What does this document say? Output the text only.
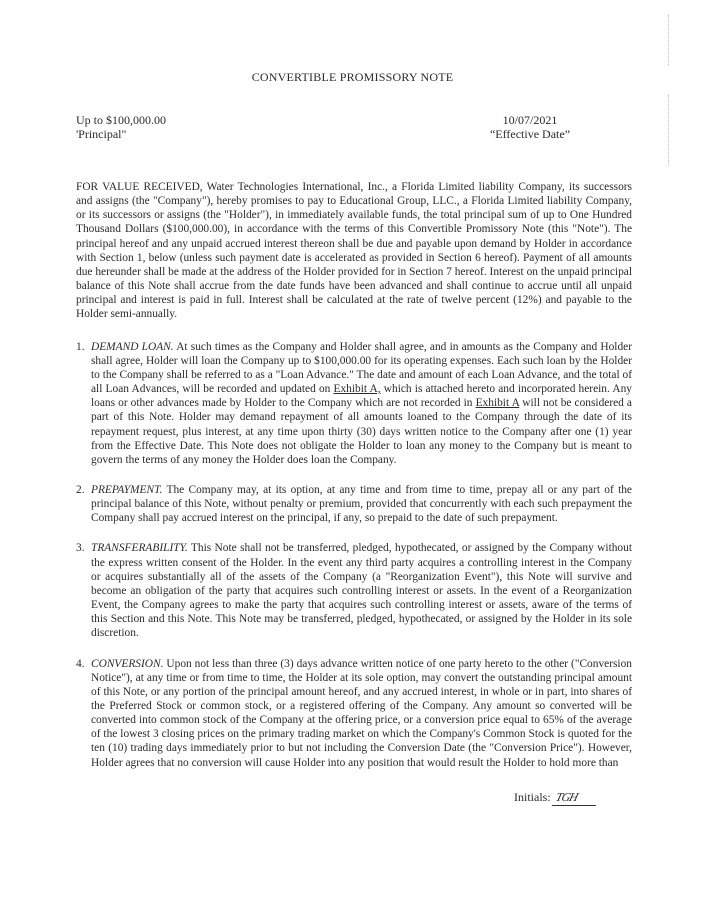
CONVERTIBLE PROMISSORY NOTE
Up to $100,000.00
'Principal"
10/07/2021
“Effective Date”
FOR VALUE RECEIVED, Water Technologies International, Inc., a Florida Limited liability Company, its successors and assigns (the "Company"), hereby promises to pay to Educational Group, LLC., a Florida Limited liability Company, or its successors or assigns (the "Holder"), in immediately available funds, the total principal sum of up to One Hundred Thousand Dollars ($100,000.00), in accordance with the terms of this Convertible Promissory Note (this "Note"). The principal hereof and any unpaid accrued interest thereon shall be due and payable upon demand by Holder in accordance with Section 1, below (unless such payment date is accelerated as provided in Section 6 hereof). Payment of all amounts due hereunder shall be made at the address of the Holder provided for in Section 7 hereof. Interest on the unpaid principal balance of this Note shall accrue from the date funds have been advanced and shall continue to accrue until all unpaid principal and interest is paid in full. Interest shall be calculated at the rate of twelve percent (12%) and payable to the Holder semi-annually.
1. DEMAND LOAN. At such times as the Company and Holder shall agree, and in amounts as the Company and Holder shall agree, Holder will loan the Company up to $100,000.00 for its operating expenses. Each such loan by the Holder to the Company shall be referred to as a "Loan Advance." The date and amount of each Loan Advance, and the total of all Loan Advances, will be recorded and updated on Exhibit A, which is attached hereto and incorporated herein. Any loans or other advances made by Holder to the Company which are not recorded in Exhibit A will not be considered a part of this Note. Holder may demand repayment of all amounts loaned to the Company through the date of its repayment request, plus interest, at any time upon thirty (30) days written notice to the Company after one (1) year from the Effective Date. This Note does not obligate the Holder to loan any money to the Company but is meant to govern the terms of any money the Holder does loan the Company.
2. PREPAYMENT. The Company may, at its option, at any time and from time to time, prepay all or any part of the principal balance of this Note, without penalty or premium, provided that concurrently with each such prepayment the Company shall pay accrued interest on the principal, if any, so prepaid to the date of such prepayment.
3. TRANSFERABILITY. This Note shall not be transferred, pledged, hypothecated, or assigned by the Company without the express written consent of the Holder. In the event any third party acquires a controlling interest in the Company or acquires substantially all of the assets of the Company (a "Reorganization Event"), this Note will survive and become an obligation of the party that acquires such controlling interest or assets. In the event of a Reorganization Event, the Company agrees to make the party that acquires such controlling interest or assets, aware of the terms of this Section and this Note. This Note may be transferred, pledged, hypothecated, or assigned by the Holder in its sole discretion.
4. CONVERSION. Upon not less than three (3) days advance written notice of one party hereto to the other ("Conversion Notice"), at any time or from time to time, the Holder at its sole option, may convert the outstanding principal amount of this Note, or any portion of the principal amount hereof, and any accrued interest, in whole or in part, into shares of the Preferred Stock or common stock, or a registered offering of the Company. Any amount so converted will be converted into common stock of the Company at the offering price, or a conversion price equal to 65% of the average of the lowest 3 closing prices on the primary trading market on which the Company's Common Stock is quoted for the ten (10) trading days immediately prior to but not including the Conversion Date (the "Conversion Price"). However, Holder agrees that no conversion will cause Holder into any position that would result the Holder to hold more than
Initials: TGH
